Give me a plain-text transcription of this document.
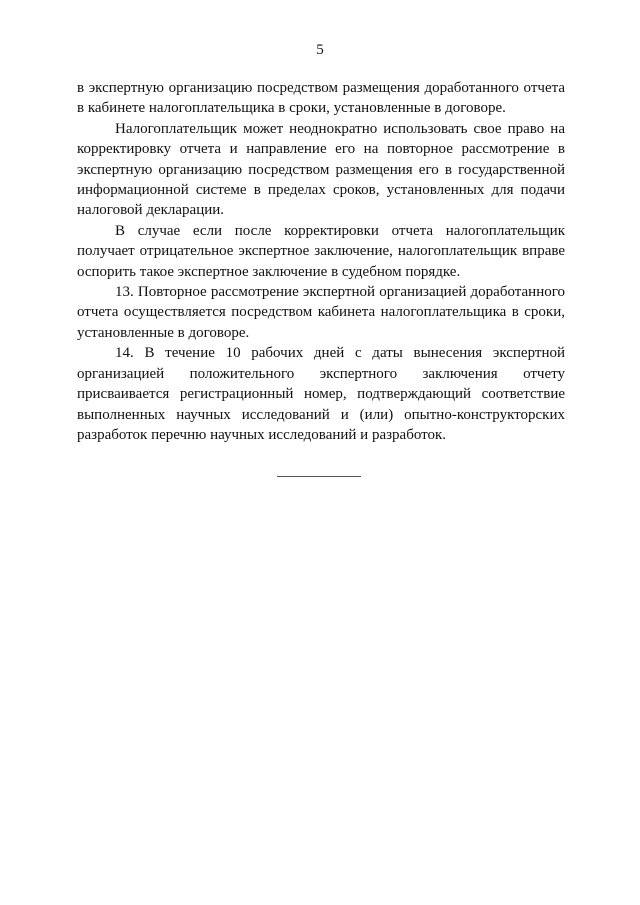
5

в экспертную организацию посредством размещения доработанного отчета в кабинете налогоплательщика в сроки, установленные в договоре.

Налогоплательщик может неоднократно использовать свое право на корректировку отчета и направление его на повторное рассмотрение в экспертную организацию посредством размещения его в государственной информационной системе в пределах сроков, установленных для подачи налоговой декларации.

В случае если после корректировки отчета налогоплательщик получает отрицательное экспертное заключение, налогоплательщик вправе оспорить такое экспертное заключение в судебном порядке.

13. Повторное рассмотрение экспертной организацией доработанного отчета осуществляется посредством кабинета налогоплательщика в сроки, установленные в договоре.

14. В течение 10 рабочих дней с даты вынесения экспертной организацией положительного экспертного заключения отчету присваивается регистрационный номер, подтверждающий соответствие выполненных научных исследований и (или) опытно-конструкторских разработок перечню научных исследований и разработок.
